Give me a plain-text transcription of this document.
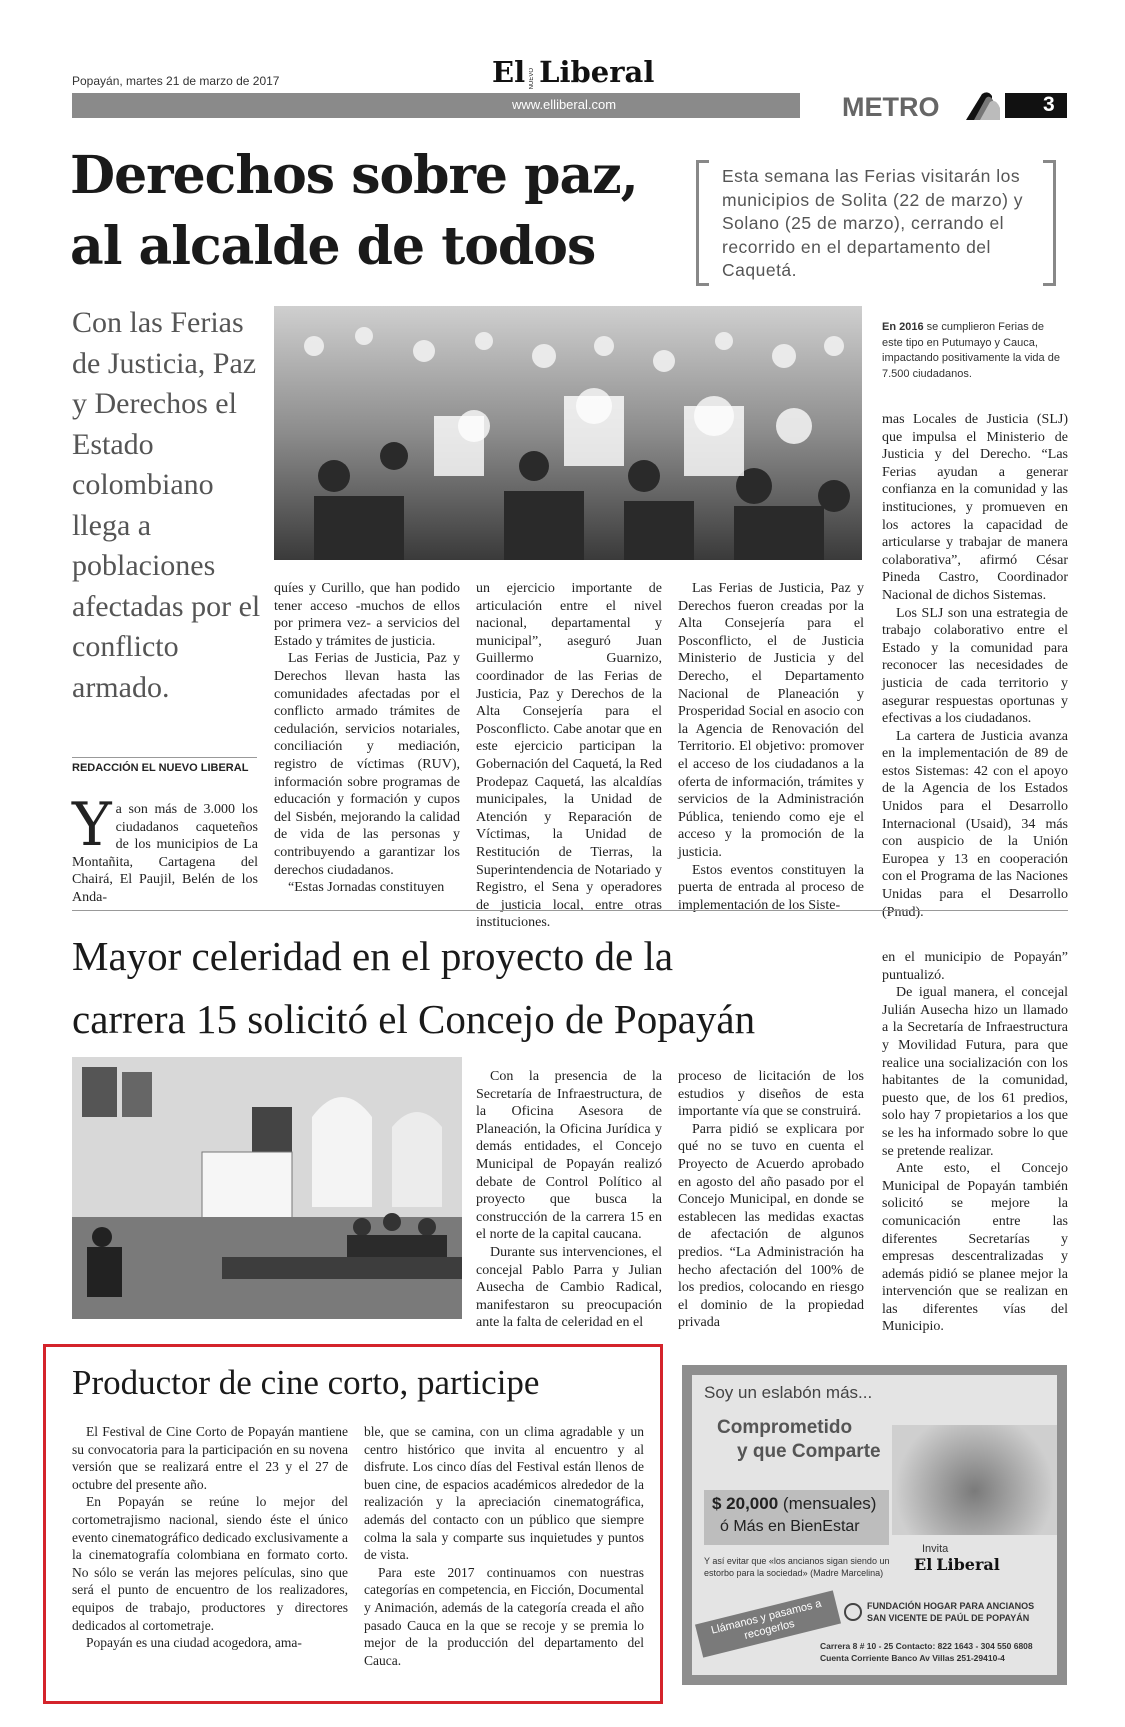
Popayán, martes 21 de marzo de 2017	El NUEVO Liberal
www.elliberal.com	METRO	3
Derechos sobre paz,
al alcalde de todos
Esta semana las Ferias visitarán los municipios de Solita (22 de marzo) y Solano (25 de marzo), cerrando el recorrido en el departamento del Caquetá.
Con las Ferias de Justicia, Paz y Derechos el Estado colombiano llega a poblaciones afectadas por el conflicto armado.
REDACCIÓN EL NUEVO LIBERAL
En 2016 se cumplieron Ferias de este tipo en Putumayo y Cauca, impactando positivamente la vida de 7.500 ciudadanos.
Y a son más de 3.000 los ciudadanos caqueteños de los municipios de La Montañita, Cartagena del Chairá, El Paujil, Belén de los Anda-

quíes y Curillo, que han podido tener acceso -muchos de ellos por primera vez- a servicios del Estado y trámites de justicia.

Las Ferias de Justicia, Paz y Derechos llevan hasta las comunidades afectadas por el conflicto armado trámites de cedulación, servicios notariales, conciliación y mediación, registro de víctimas (RUV), información sobre programas de educación y formación y cupos del Sisbén, mejorando la calidad de vida de las personas y contribuyendo a garantizar los derechos ciudadanos.

“Estas Jornadas constituyen

un ejercicio importante de articulación entre el nivel nacional, departamental y municipal”, aseguró Juan Guillermo Guarnizo, coordinador de las Ferias de Justicia, Paz y Derechos de la Alta Consejería para el Posconflicto. Cabe anotar que en este ejercicio participan la Gobernación del Caquetá, la Red Prodepaz Caquetá, las alcaldías municipales, la Unidad de Atención y Reparación de Víctimas, la Unidad de Restitución de Tierras, la Superintendencia de Notariado y Registro, el Sena y operadores de justicia local, entre otras instituciones.

Las Ferias de Justicia, Paz y Derechos fueron creadas por la Alta Consejería para el Posconflicto, el de Justicia Ministerio de Justicia y del Derecho, el Departamento Nacional de Planeación y Prosperidad Social en asocio con la Agencia de Renovación del Territorio. El objetivo: promover el acceso de los ciudadanos a la oferta de información, trámites y servicios de la Administración Pública, teniendo como eje el acceso y la promoción de la justicia.

Estos eventos constituyen la puerta de entrada al proceso de implementación de los Siste-

mas Locales de Justicia (SLJ) que impulsa el Ministerio de Justicia y del Derecho. “Las Ferias ayudan a generar confianza en la comunidad y las instituciones, y promueven en los actores la capacidad de articularse y trabajar de manera colaborativa”, afirmó César Pineda Castro, Coordinador Nacional de dichos Sistemas.

Los SLJ son una estrategia de trabajo colaborativo entre el Estado y la comunidad para reconocer las necesidades de justicia de cada territorio y asegurar respuestas oportunas y efectivas a los ciudadanos.

La cartera de Justicia avanza en la implementación de 89 de estos Sistemas: 42 con el apoyo de la Agencia de los Estados Unidos para el Desarrollo Internacional (Usaid), 34 más con auspicio de la Unión Europea y 13 en cooperación con el Programa de las Naciones Unidas para el Desarrollo (Pnud).

Mayor celeridad en el proyecto de la
carrera 15 solicitó el Concejo de Popayán

Con la presencia de la Secretaría de Infraestructura, de la Oficina Asesora de Planeación, la Oficina Jurídica y demás entidades, el Concejo Municipal de Popayán realizó debate de Control Político al proyecto que busca la construcción de la carrera 15 en el norte de la capital caucana.

Durante sus intervenciones, el concejal Pablo Parra y Julian Ausecha de Cambio Radical, manifestaron su preocupación ante la falta de celeridad en el

proceso de licitación de los estudios y diseños de esta importante vía que se construirá.

Parra pidió se explicara por qué no se tuvo en cuenta el Proyecto de Acuerdo aprobado en agosto del año pasado por el Concejo Municipal, en donde se establecen las medidas exactas de afectación de algunos predios. “La Administración ha hecho afectación del 100% de los predios, colocando en riesgo el dominio de la propiedad privada

en el municipio de Popayán” puntualizó.

De igual manera, el concejal Julián Ausecha hizo un llamado a la Secretaría de Infraestructura y Movilidad Futura, para que realice una socialización con los habitantes de la comunidad, puesto que, de los 61 predios, solo hay 7 propietarios a los que se les ha informado sobre lo que se pretende realizar.

Ante esto, el Concejo Municipal de Popayán también solicitó se mejore la comunicación entre las diferentes Secretarías y empresas descentralizadas y además pidió se planee mejor la intervención que se realizan en las diferentes vías del Municipio.

Productor de cine corto, participe

El Festival de Cine Corto de Popayán mantiene su convocatoria para la participación en su novena versión que se realizará entre el 23 y el 27 de octubre del presente año.

En Popayán se reúne lo mejor del cortometrajismo nacional, siendo éste el único evento cinematográfico dedicado exclusivamente a la cinematografía colombiana en formato corto. No sólo se verán las mejores películas, sino que será el punto de encuentro de los realizadores, equipos de trabajo, productores y directores dedicados al cortometraje.

Popayán es una ciudad acogedora, ama-

ble, que se camina, con un clima agradable y un centro histórico que invita al encuentro y al disfrute. Los cinco días del Festival están llenos de buen cine, de espacios académicos alrededor de la realización y la apreciación cinematográfica, además del contacto con un público que siempre colma la sala y comparte sus inquietudes y puntos de vista.

Para este 2017 continuamos con nuestras categorías en competencia, en Ficción, Documental y Animación, además de la categoría creada el año pasado Cauca en la que se recoje y se premia lo mejor de la producción del departamento del Cauca.

Soy un eslabón más...
Comprometido
y que Comparte
$ 20,000 (mensuales)
ó Más en BienEstar
Y así evitar que «los ancianos sigan siendo un estorbo para la sociedad» (Madre Marcelina)
Invita
El Liberal
Llámanos y pasamos a recogerlos
FUNDACIÓN HOGAR PARA ANCIANOS
SAN VICENTE DE PAÚL DE POPAYÁN
Carrera 8 # 10 - 25 Contacto: 822 1643 - 304 550 6808
Cuenta Corriente Banco Av Villas 251-29410-4
